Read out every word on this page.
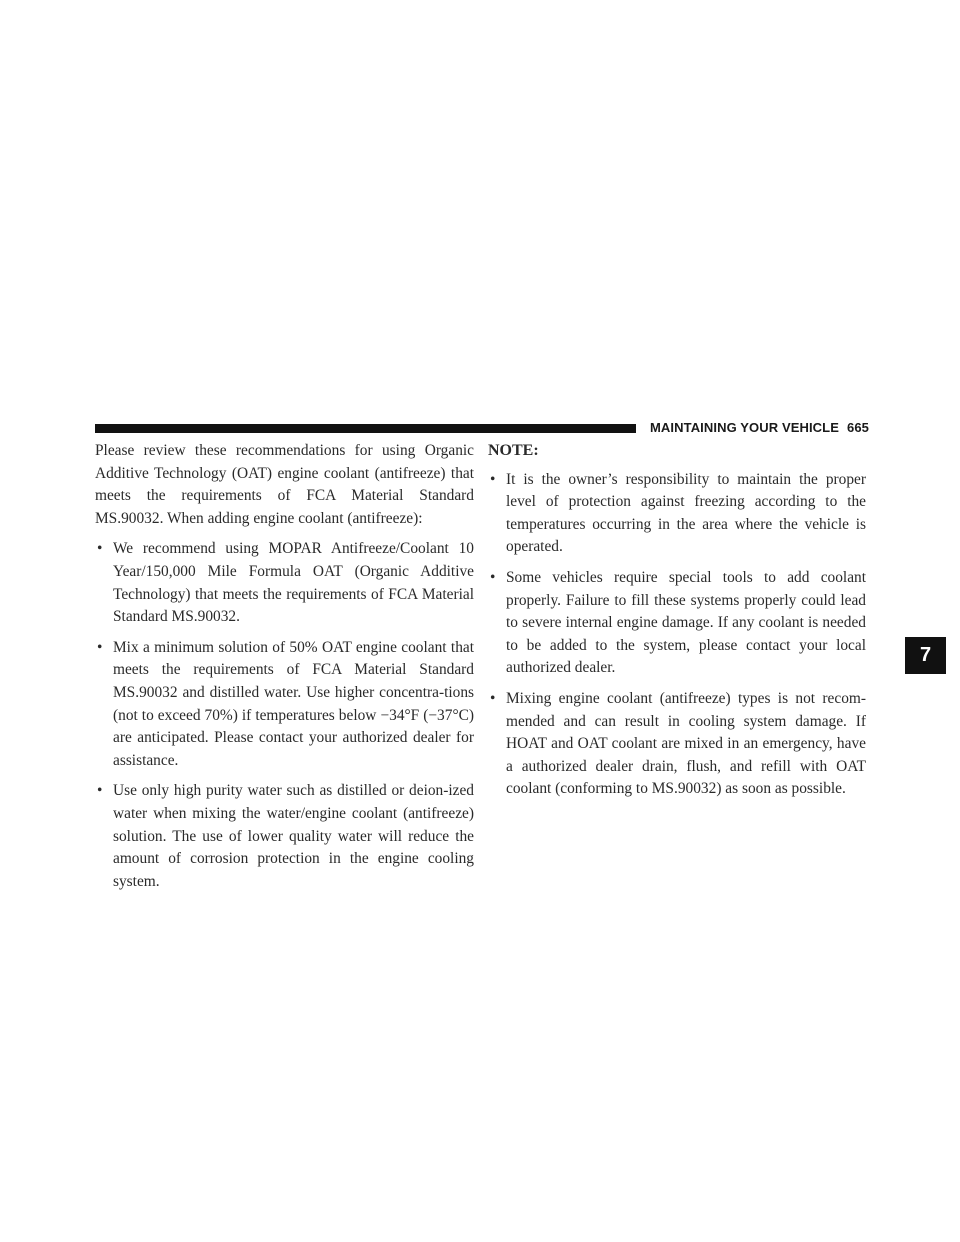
MAINTAINING YOUR VEHICLE 665
7

Please review these recommendations for using Organic Additive Technology (OAT) engine coolant (antifreeze) that meets the requirements of FCA Material Standard MS.90032. When adding engine coolant (antifreeze):

• We recommend using MOPAR Antifreeze/Coolant 10 Year/150,000 Mile Formula OAT (Organic Additive Technology) that meets the requirements of FCA Material Standard MS.90032.
• Mix a minimum solution of 50% OAT engine coolant that meets the requirements of FCA Material Standard MS.90032 and distilled water. Use higher concentra-tions (not to exceed 70%) if temperatures below −34°F (−37°C) are anticipated. Please contact your authorized dealer for assistance.
• Use only high purity water such as distilled or deion-ized water when mixing the water/engine coolant (antifreeze) solution. The use of lower quality water will reduce the amount of corrosion protection in the engine cooling system.

NOTE:

• It is the owner’s responsibility to maintain the proper level of protection against freezing according to the temperatures occurring in the area where the vehicle is operated.
• Some vehicles require special tools to add coolant properly. Failure to fill these systems properly could lead to severe internal engine damage. If any coolant is needed to be added to the system, please contact your local authorized dealer.
• Mixing engine coolant (antifreeze) types is not recom-mended and can result in cooling system damage. If HOAT and OAT coolant are mixed in an emergency, have a authorized dealer drain, flush, and refill with OAT coolant (conforming to MS.90032) as soon as possible.
